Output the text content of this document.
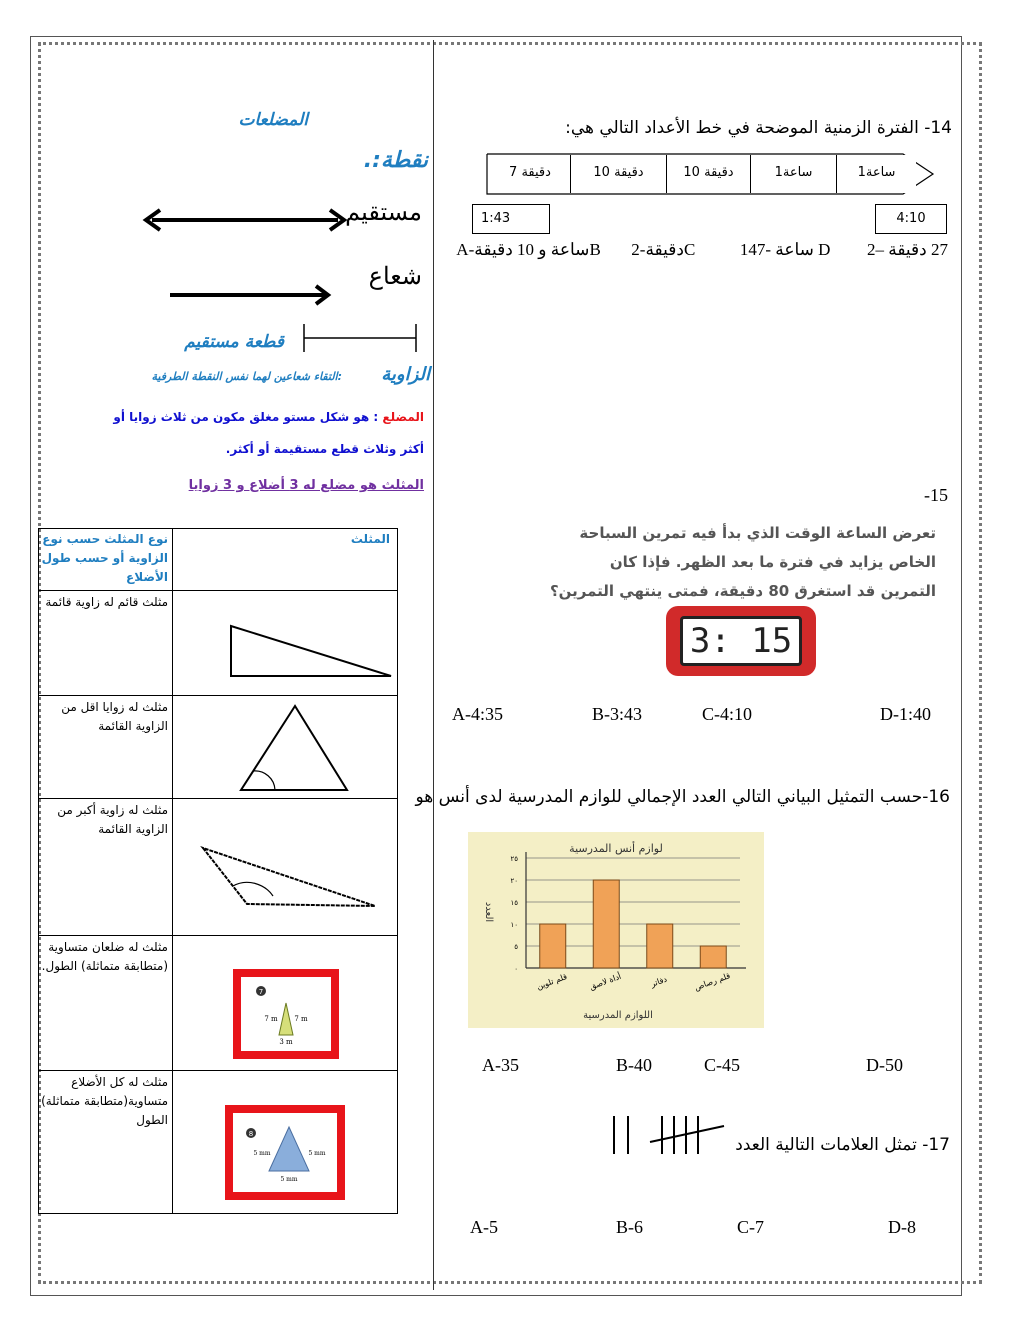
المضلعات
نقطة:.
مستقيم
شعاع
قطعة مستقيم
الزاوية
:التقاء شعاعين لهما نفس النقطة الطرفية
المضلع : هو شكل مستو مغلق مكون من ثلاث زوايا أو
أكثر وثلاث قطع مستقيمة أو أكثر.
المثلث هو مضلع له 3 أضلاع و 3 زوايا
نوع المثلث حسب نوع الزاوية أو حسب طول الأضلاع
المثلث
مثلث قائم له زاوية قائمة
مثلث له زوايا اقل من الزاوية القائمة
مثلث له زاوية أكبر من الزاوية القائمة
مثلث له ضلعان متساوية (متطابقة متماثلة) الطول.
مثلث له كل الأضلاع متساوية(متطابقة متماثلة) الطول
7
7 m 7 m
3 m
8
5 mm	5 mm
5 mm
14- الفترة الزمنية الموضحة في خط الأعداد التالي هي:
1ساعة
1ساعة
10 دقيقة
10 دقيقة
7 دقيقة
1:43	4:10
27 دقيقة –D  2 ساعة -C  147دقيقة-B  2ساعة و 10 دقيقة-A
-15
تعرض الساعة الوقت الذي بدأ فيه تمرين السباحة
الخاص يزايد في فترة ما بعد الظهر. فإذا كان
التمرين قد استغرق 80 دقيقة، فمتى ينتهي التمرين؟
3: 15
A-4:35	B-3:43	C-4:10	D-1:40
16-حسب التمثيل البياني التالي العدد الإجمالي للوازم المدرسية لدى أنس هو
لوازم أنس المدرسية
٠
٥
١٠
١٥
٢٠
٢٥
قلم تلوين	أداة لاصق	دفاتر	قلم رصاص
اللوازم المدرسية
العدد
A-35	B-40	C-45	D-50
17- تمثل العلامات التالية العدد
A-5	B-6	C-7	D-8
